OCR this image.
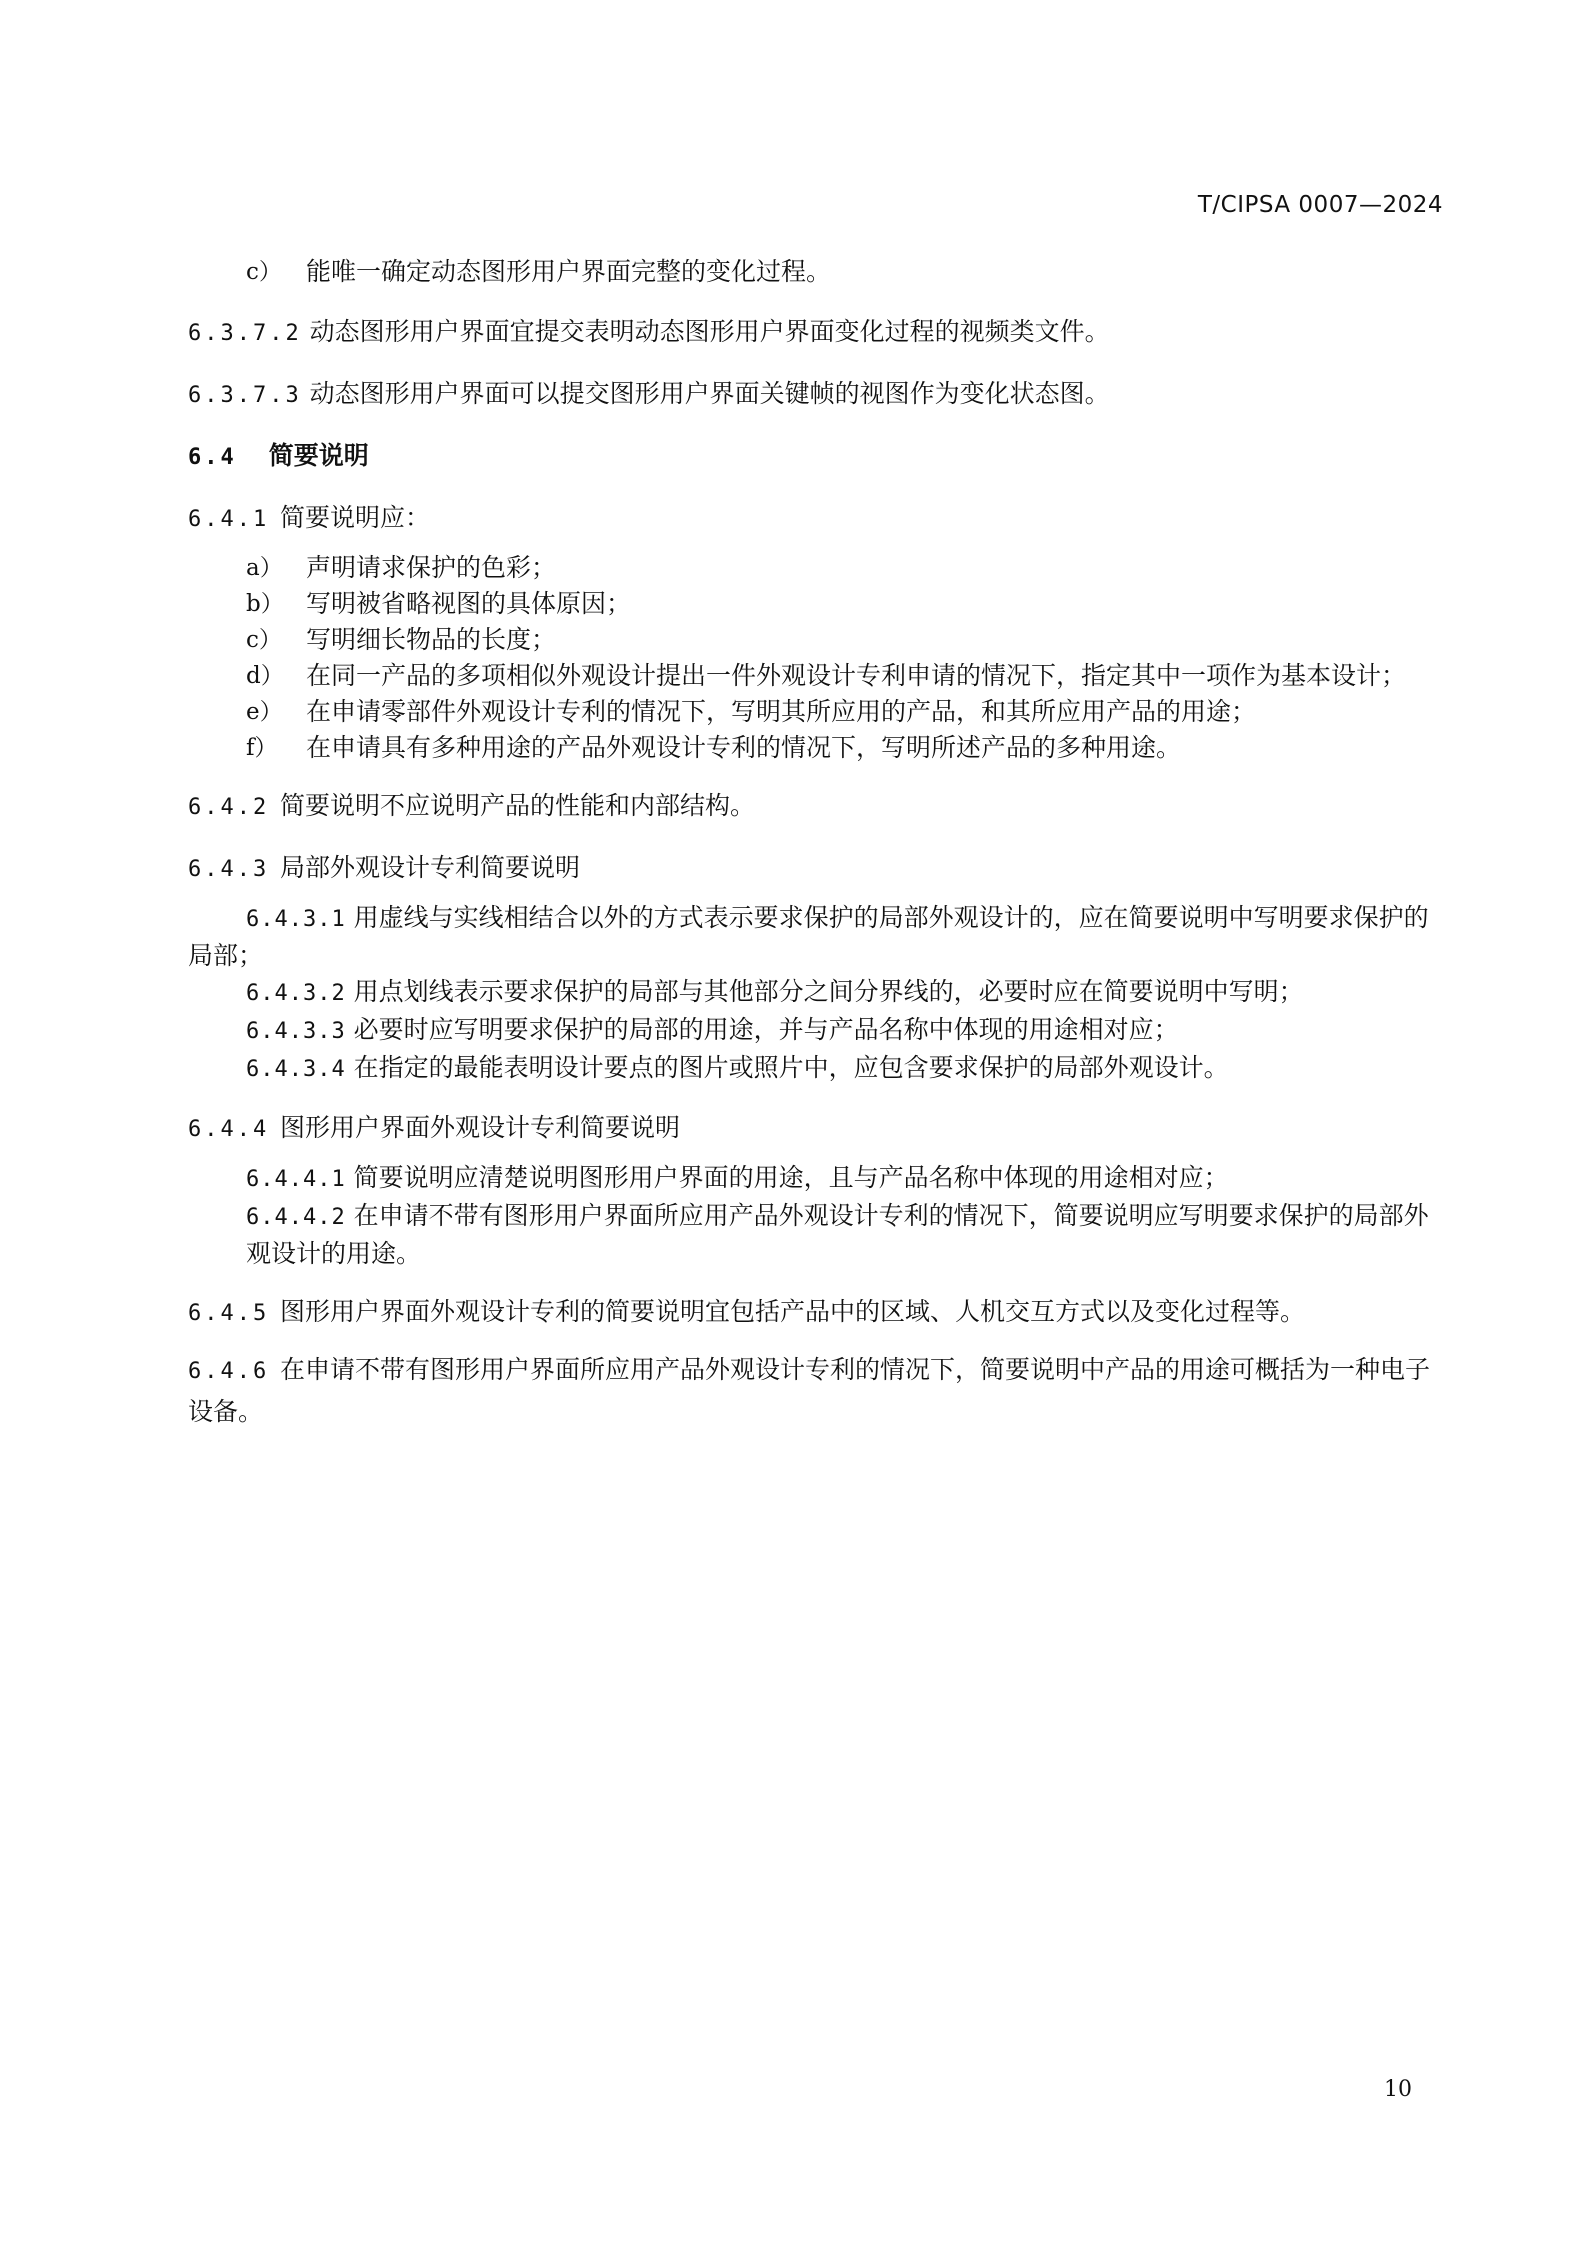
T/CIPSA 0007—2024
c） 能唯一确定动态图形用户界面完整的变化过程。
6.3.7.2 动态图形用户界面宜提交表明动态图形用户界面变化过程的视频类文件。
6.3.7.3 动态图形用户界面可以提交图形用户界面关键帧的视图作为变化状态图。
6.4 简要说明
6.4.1 简要说明应：
a） 声明请求保护的色彩；
b） 写明被省略视图的具体原因；
c） 写明细长物品的长度；
d） 在同一产品的多项相似外观设计提出一件外观设计专利申请的情况下，指定其中一项作为基本设计；
e） 在申请零部件外观设计专利的情况下，写明其所应用的产品，和其所应用产品的用途；
f） 在申请具有多种用途的产品外观设计专利的情况下，写明所述产品的多种用途。
6.4.2 简要说明不应说明产品的性能和内部结构。
6.4.3 局部外观设计专利简要说明
6.4.3.1 用虚线与实线相结合以外的方式表示要求保护的局部外观设计的，应在简要说明中写明要求保护的局部；
6.4.3.2 用点划线表示要求保护的局部与其他部分之间分界线的，必要时应在简要说明中写明；
6.4.3.3 必要时应写明要求保护的局部的用途，并与产品名称中体现的用途相对应；
6.4.3.4 在指定的最能表明设计要点的图片或照片中，应包含要求保护的局部外观设计。
6.4.4 图形用户界面外观设计专利简要说明
6.4.4.1 简要说明应清楚说明图形用户界面的用途，且与产品名称中体现的用途相对应；
6.4.4.2 在申请不带有图形用户界面所应用产品外观设计专利的情况下，简要说明应写明要求保护的局部外观设计的用途。
6.4.5 图形用户界面外观设计专利的简要说明宜包括产品中的区域、人机交互方式以及变化过程等。
6.4.6 在申请不带有图形用户界面所应用产品外观设计专利的情况下，简要说明中产品的用途可概括为一种电子设备。
10
